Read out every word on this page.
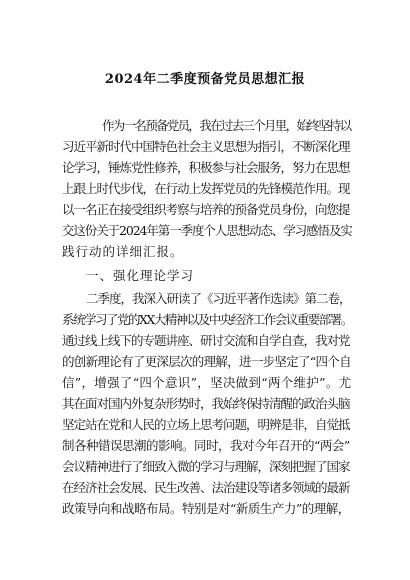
2024年二季度预备党员思想汇报
作为一名预备党员，我在过去三个月里，始终坚持以
习近平新时代中国特色社会主义思想为指引，不断深化理
论学习，锤炼党性修养，积极参与社会服务，努力在思想
上跟上时代步伐，在行动上发挥党员的先锋模范作用。现
以一名正在接受组织考察与培养的预备党员身份，向您提
交这份关于2024年第一季度个人思想动态、学习感悟及实
践行动的详细汇报。
一、强化理论学习
二季度，我深入研读了《习近平著作选读》第二卷，
系统学习了党的XX大精神以及中央经济工作会议重要部署。
通过线上线下的专题讲座、研讨交流和自学自查，我对党
的创新理论有了更深层次的理解，进一步坚定了“四个自
信”，增强了“四个意识”，坚决做到“两个维护”。尤
其在面对国内外复杂形势时，我始终保持清醒的政治头脑
坚定站在党和人民的立场上思考问题，明辨是非，自觉抵
制各种错误思潮的影响。同时，我对今年召开的“两会”
会议精神进行了细致入微的学习与理解，深刻把握了国家
在经济社会发展、民生改善、法治建设等诸多领域的最新
政策导向和战略布局。特别是对“新质生产力”的理解，
